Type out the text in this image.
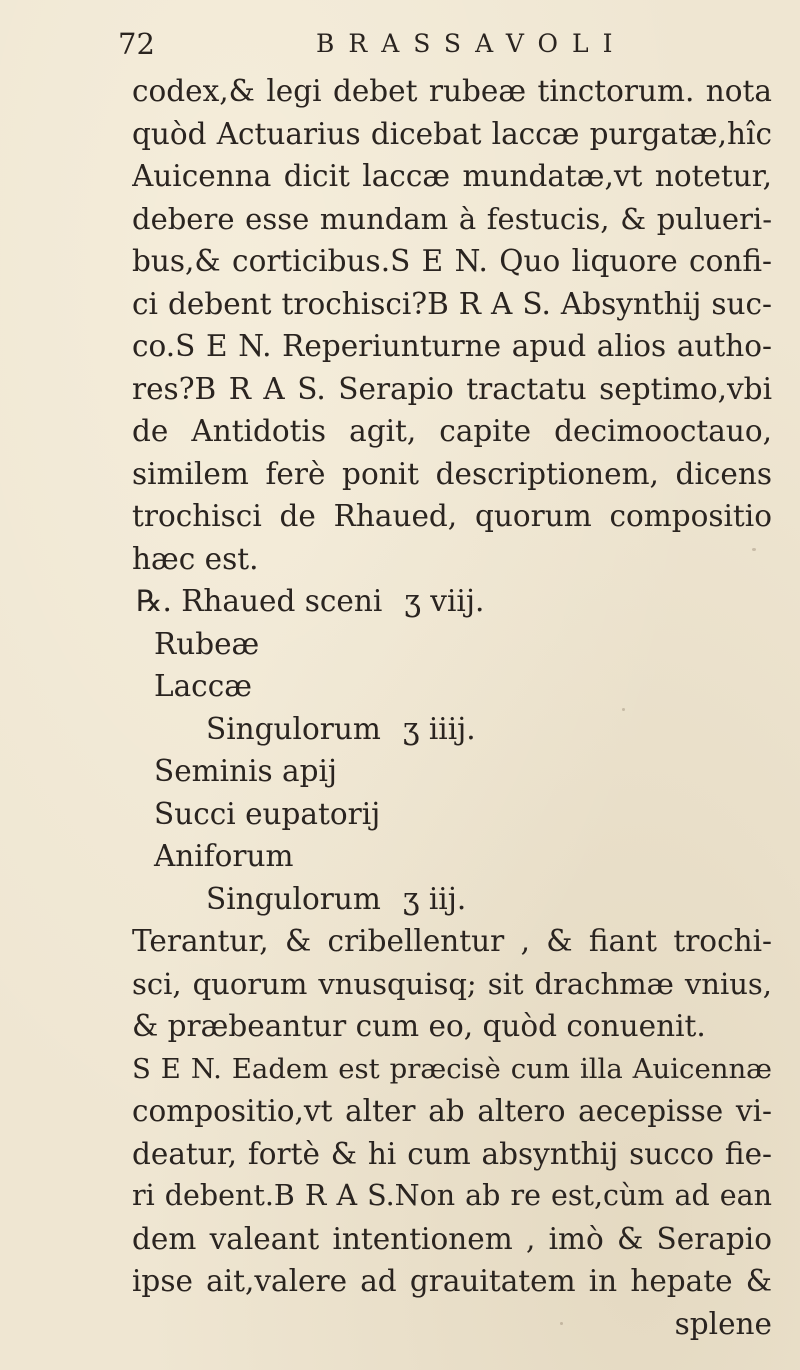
72	BRASSAVOLI
codex,& legi debet rubeæ tinctorum. nota
quòd Actuarius dicebat laccæ purgatæ,hîc
Auicenna dicit laccæ mundatæ,vt notetur,
debere esse mundam à festucis, & pulueri-
bus,& corticibus.S E N. Quo liquore confi-
ci debent trochisci?B R A S. Absynthij suc-
co.S E N. Reperiunturne apud alios autho-
res?B R A S. Serapio tractatu septimo,vbi
de Antidotis agit, capite decimooctauo,
similem ferè ponit descriptionem, dicens
trochisci de Rhaued, quorum compositio
hæc est.
℞. Rhaued sceni ʒ viij.
Rubeæ
Laccæ
Singulorum ʒ iiij.
Seminis apij
Succi eupatorij
Aniforum
Singulorum ʒ iij.
Terantur, & cribellentur , & fiant trochi-
sci, quorum vnusquisq; sit drachmæ vnius,
& præbeantur cum eo, quòd conuenit.
S E N. Eadem est præcisè cum illa Auicennæ
compositio,vt alter ab altero aecepisse vi-
deatur, fortè & hi cum absynthij succo fie-
ri debent.B R A S.Non ab re est,cùm ad ean
dem valeant intentionem , imò & Serapio
ipse ait,valere ad grauitatem in hepate &
splene
